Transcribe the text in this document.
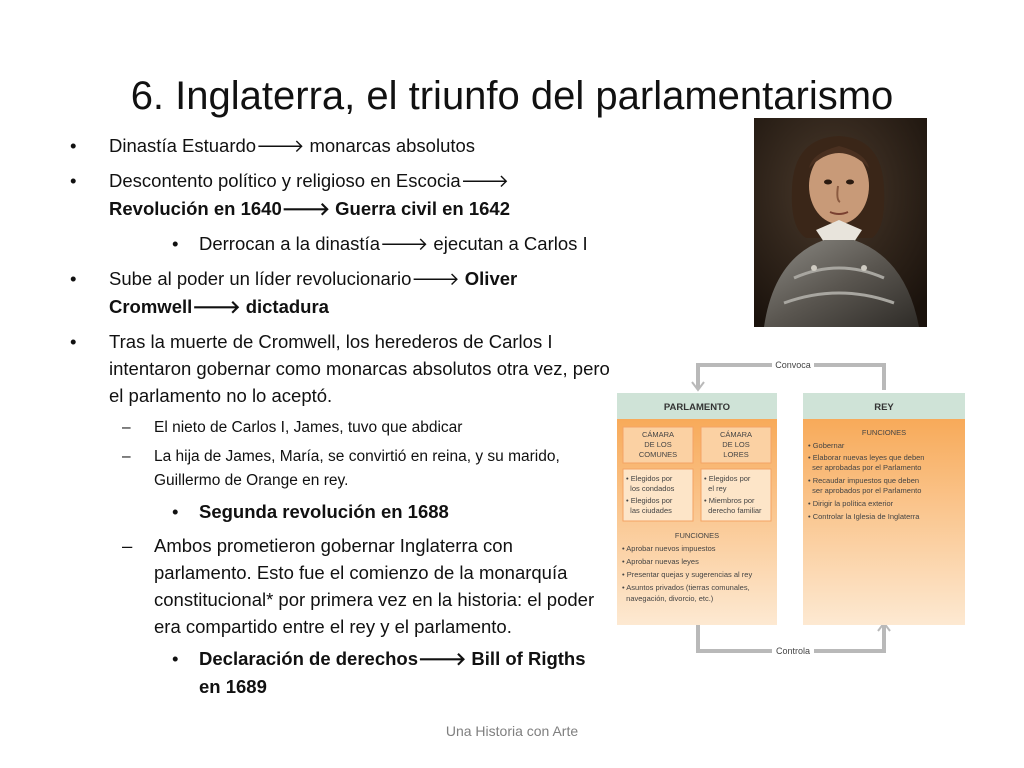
6. Inglaterra, el triunfo del parlamentarismo
• Dinastía Estuardo🡒 monarcas absolutos
• Descontento político y religioso en Escocia🡒
Revolución en 1640🡒 Guerra civil en 1642
• Derrocan a la dinastía🡒 ejecutan a Carlos I
• Sube al poder un líder revolucionario🡒 Oliver Cromwell🡒 dictadura
• Tras la muerte de Cromwell, los herederos de Carlos I intentaron gobernar como monarcas absolutos otra vez, pero el parlamento no lo aceptó.
– El nieto de Carlos I, James, tuvo que abdicar
– La hija de James, María, se convirtió en reina, y su marido, Guillermo de Orange en rey.
• Segunda revolución en 1688
– Ambos prometieron gobernar Inglaterra con parlamento. Esto fue el comienzo de la monarquía constitucional* por primera vez en la historia: el poder era compartido entre el rey y el parlamento.
• Declaración de derechos🡒 Bill of Rigths en 1689
Convoca
Controla
PARLAMENTO
CÁMARA
DE LOS
COMUNES
CÁMARA
DE LOS
LORES
• Elegidos por
los condados
• Elegidos por
las ciudades
• Elegidos por
el rey
• Miembros por
derecho familiar
FUNCIONES
• Aprobar nuevos impuestos
• Aprobar nuevas leyes
• Presentar quejas y sugerencias al rey
• Asuntos privados (tierras comunales,
navegación, divorcio, etc.)
REY
FUNCIONES
• Gobernar
• Elaborar nuevas leyes que deben
ser aprobadas por el Parlamento
• Recaudar impuestos que deben
ser aprobados por el Parlamento
• Dirigir la política exterior
• Controlar la Iglesia de Inglaterra
Una Historia con Arte
